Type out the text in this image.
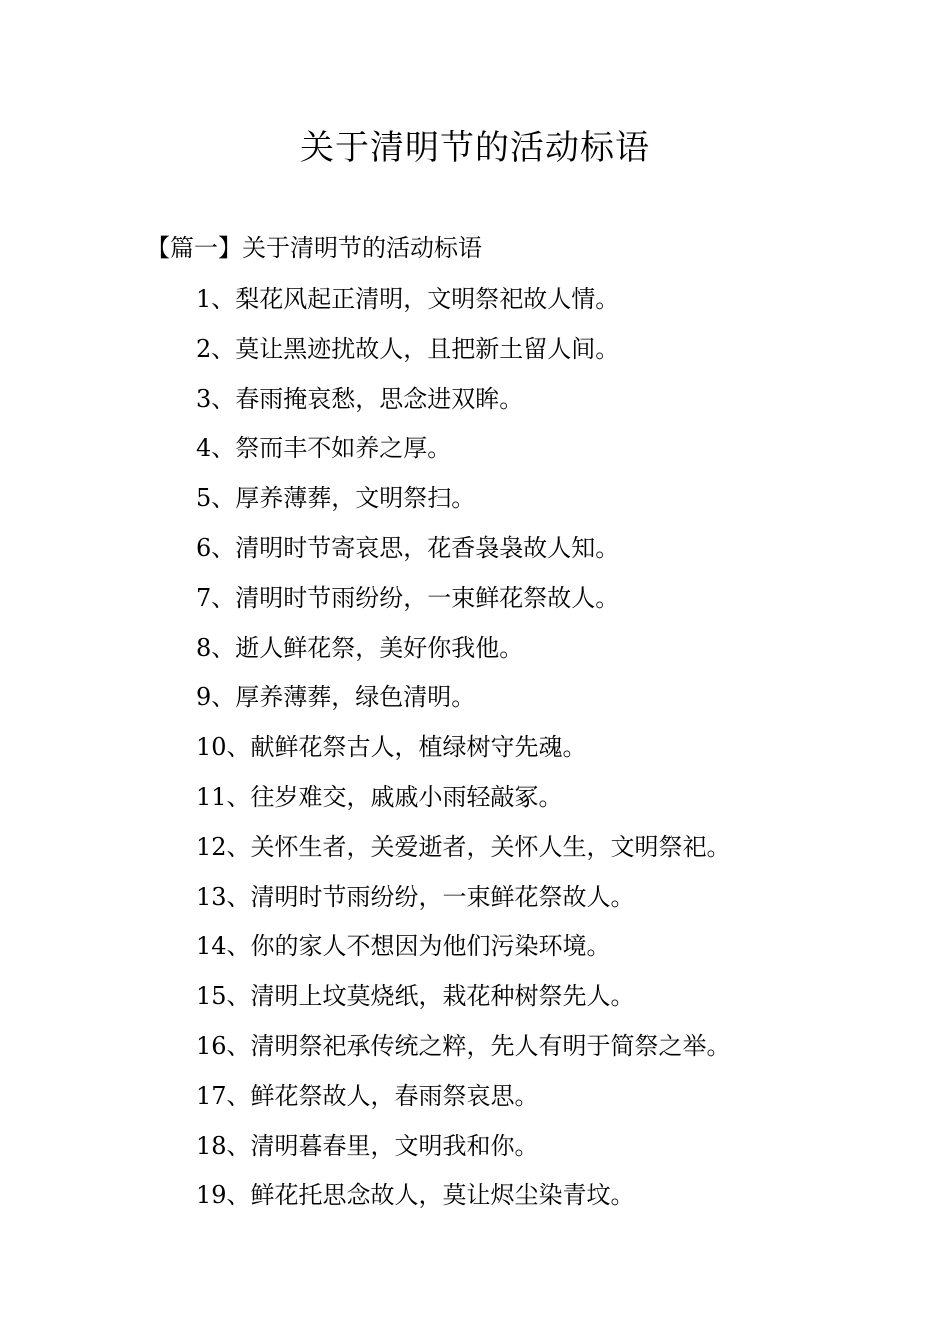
关于清明节的活动标语

【篇一】关于清明节的活动标语

1、梨花风起正清明，文明祭祀故人情。
2、莫让黑迹扰故人，且把新土留人间。
3、春雨掩哀愁，思念进双眸。
4、祭而丰不如养之厚。
5、厚养薄葬，文明祭扫。
6、清明时节寄哀思，花香袅袅故人知。
7、清明时节雨纷纷，一束鲜花祭故人。
8、逝人鲜花祭，美好你我他。
9、厚养薄葬，绿色清明。
10、献鲜花祭古人，植绿树守先魂。
11、往岁难交，戚戚小雨轻敲冢。
12、关怀生者，关爱逝者，关怀人生，文明祭祀。
13、清明时节雨纷纷，一束鲜花祭故人。
14、你的家人不想因为他们污染环境。
15、清明上坟莫烧纸，栽花种树祭先人。
16、清明祭祀承传统之粹，先人有明于简祭之举。
17、鲜花祭故人，春雨祭哀思。
18、清明暮春里，文明我和你。
19、鲜花托思念故人，莫让烬尘染青坟。
